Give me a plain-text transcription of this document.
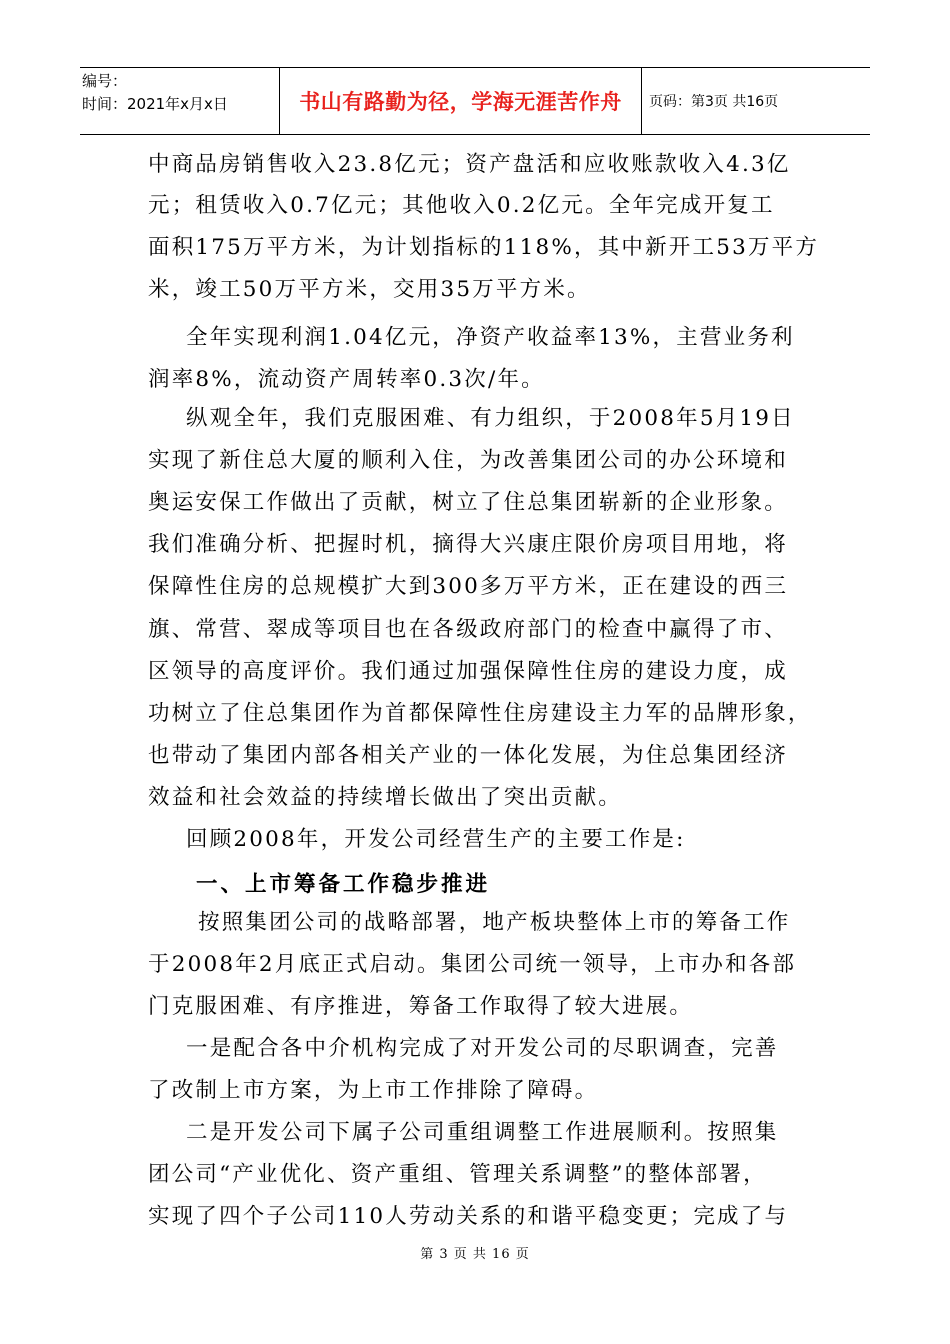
编号：
时间：2021年x月x日	书山有路勤为径，学海无涯苦作舟	页码：第3页 共16页
中商品房销售收入23.8亿元；资产盘活和应收账款收入4.3亿
元；租赁收入0.7亿元；其他收入0.2亿元。全年完成开复工
面积175万平方米，为计划指标的118%，其中新开工53万平方
米，竣工50万平方米，交用35万平方米。
全年实现利润1.04亿元，净资产收益率13%，主营业务利
润率8%，流动资产周转率0.3次/年。
纵观全年，我们克服困难、有力组织，于2008年5月19日
实现了新住总大厦的顺利入住，为改善集团公司的办公环境和
奥运安保工作做出了贡献，树立了住总集团崭新的企业形象。
我们准确分析、把握时机，摘得大兴康庄限价房项目用地，将
保障性住房的总规模扩大到300多万平方米，正在建设的西三
旗、常营、翠成等项目也在各级政府部门的检查中赢得了市、
区领导的高度评价。我们通过加强保障性住房的建设力度，成
功树立了住总集团作为首都保障性住房建设主力军的品牌形象，
也带动了集团内部各相关产业的一体化发展，为住总集团经济
效益和社会效益的持续增长做出了突出贡献。
回顾2008年，开发公司经营生产的主要工作是:
一、上市筹备工作稳步推进
按照集团公司的战略部署，地产板块整体上市的筹备工作
于2008年2月底正式启动。集团公司统一领导，上市办和各部
门克服困难、有序推进，筹备工作取得了较大进展。
一是配合各中介机构完成了对开发公司的尽职调查，完善
了改制上市方案，为上市工作排除了障碍。
二是开发公司下属子公司重组调整工作进展顺利。按照集
团公司“产业优化、资产重组、管理关系调整”的整体部署，
实现了四个子公司110人劳动关系的和谐平稳变更；完成了与
第 3 页 共 16 页
